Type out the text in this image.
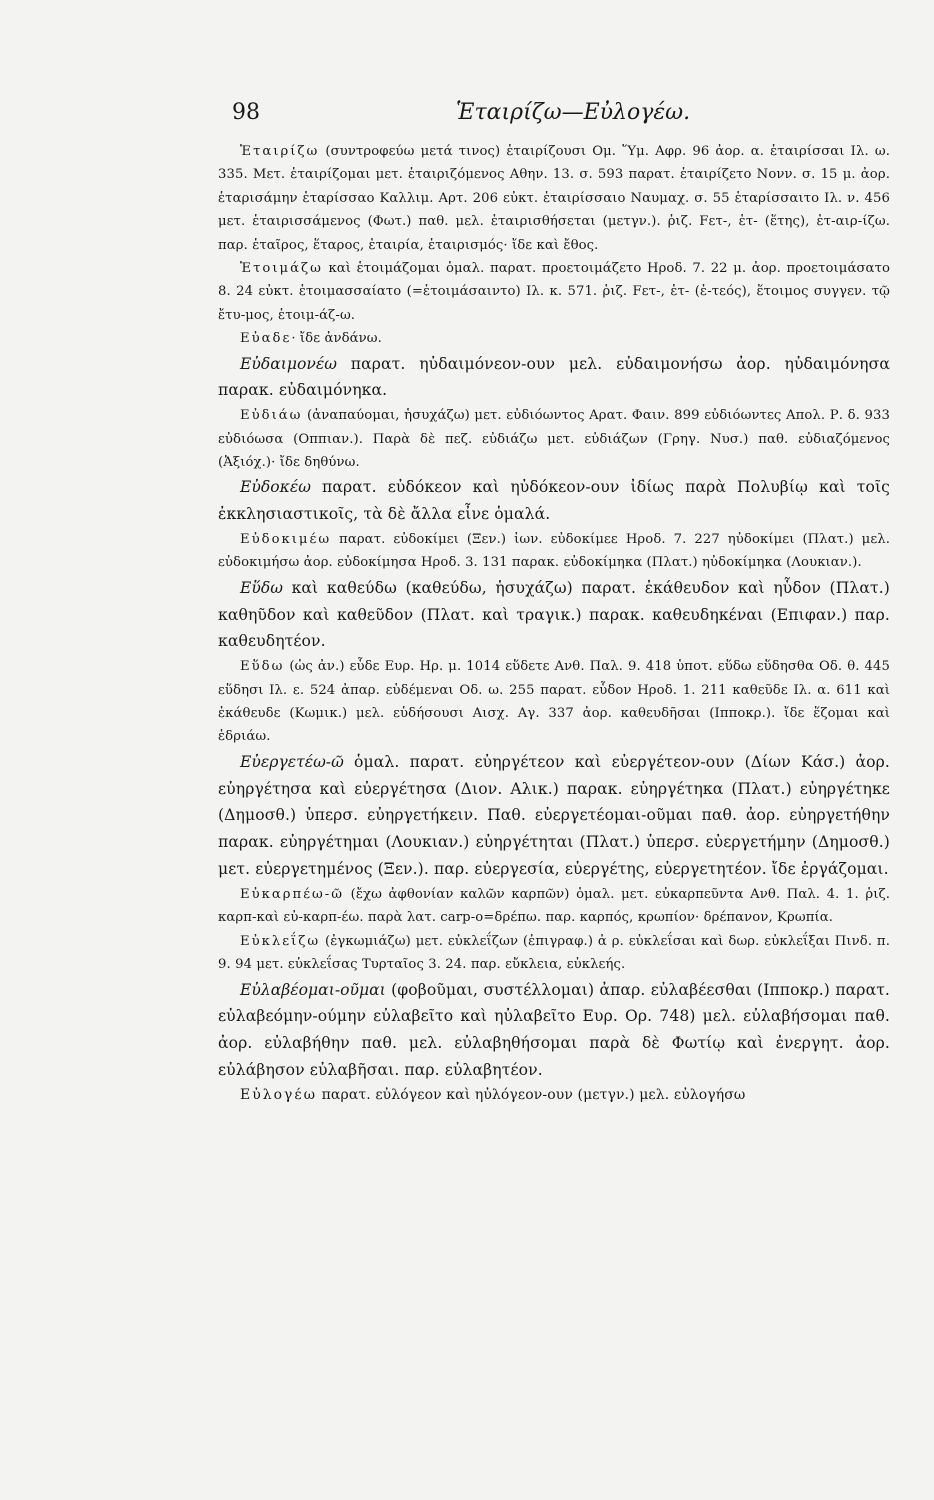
98	Ἑταιρίζω—Εὐλογέω.

Ἑταιρίζω (συντροφεύω μετά τινος) ἑταιρίζουσι Ομ. Ὕμ. Αφρ. 96 ἀορ. α. ἑταιρίσσαι Ιλ. ω. 335. Μετ. ἑταιρίζομαι μετ. ἑταιριζόμενος Αθην. 13. σ. 593 παρατ. ἑταιρίζετο Νονν. σ. 15 μ. ἀορ. ἑταρισάμην ἑταρίσσαο Καλλιμ. Αρτ. 206 εὐκτ. ἑταιρίσσαιο Ναυμαχ. σ. 55 ἑταρίσσαιτο Ιλ. ν. 456 μετ. ἑταιρισσάμενος (Φωτ.) παθ. μελ. ἑταιρισθήσεται (μετγν.). ῥιζ. Fετ-, ἑτ- (ἕτης), ἑτ-αιρ-ίζω. παρ. ἑταῖρος, ἕταρος, ἑταιρία, ἑταιρισμός· ἴδε καὶ ἔθος.

Ἑτοιμάζω καὶ ἑτοιμάζομαι ὁμαλ. παρατ. προετοιμάζετο Ηροδ. 7. 22 μ. ἀορ. προετοιμάσατο 8. 24 εὐκτ. ἑτοιμασσαίατο (=ἑτοιμάσαιντο) Ιλ. κ. 571. ῥιζ. Fετ-, ἑτ- (ἑ-τεός), ἕτοιμος συγγεν. τῷ ἔτυ-μος, ἑτοιμ-άζ-ω.

Εὐαδε· ἴδε ἀνδάνω.

Εὐδαιμονέω παρατ. ηὐδαιμόνεον-ουν μελ. εὐδαιμονήσω ἀορ. ηὐδαιμόνησα παρακ. εὐδαιμόνηκα.

Εὐδιάω (ἀναπαύομαι, ἡσυχάζω) μετ. εὐδιόωντος Αρατ. Φαιν. 899 εὐδιόωντες Απολ. Ρ. δ. 933 εὐδιόωσα (Οππιαν.). Παρὰ δὲ πεζ. εὐδιάζω μετ. εὐδιάζων (Γρηγ. Νυσ.) παθ. εὐδιαζόμενος (Ἀξιόχ.)· ἴδε δηθύνω.

Εὐδοκέω παρατ. εὐδόκεον καὶ ηὐδόκεον-ουν ἰδίως παρὰ Πολυβίῳ καὶ τοῖς ἐκκλησιαστικοῖς, τὰ δὲ ἄλλα εἶνε ὁμαλά.

Εὐδοκιμέω παρατ. εὐδοκίμει (Ξεν.) ἰων. εὐδοκίμεε Ηροδ. 7. 227 ηὐδοκίμει (Πλατ.) μελ. εὐδοκιμήσω ἀορ. εὐδοκίμησα Ηροδ. 3. 131 παρακ. εὐδοκίμηκα (Πλατ.) ηὐδοκίμηκα (Λουκιαν.).

Εὕδω καὶ καθεύδω (καθεύδω, ἡσυχάζω) παρατ. ἐκάθευδον καὶ ηὗδον (Πλατ.) καθηῦδον καὶ καθεῦδον (Πλατ. καὶ τραγικ.) παρακ. καθευδηκέναι (Επιφαν.) παρ. καθευδητέον.

Εὕδω (ὡς ἀν.) εὗδε Ευρ. Ηρ. μ. 1014 εὕδετε Ανθ. Παλ. 9. 418 ὑποτ. εὕδω εὕδησθα Οδ. θ. 445 εὕδησι Ιλ. ε. 524 ἀπαρ. εὑδέμεναι Οδ. ω. 255 παρατ. εὗδον Ηροδ. 1. 211 καθεῦδε Ιλ. α. 611 καὶ ἐκάθευδε (Κωμικ.) μελ. εὑδήσουσι Αισχ. Αγ. 337 ἀορ. καθευδῆσαι (Ιπποκρ.). ἴδε ἕζομαι καὶ ἑδριάω.

Εὐεργετέω-ῶ ὁμαλ. παρατ. εὐηργέτεον καὶ εὐεργέτεον-ουν (Δίων Κάσ.) ἀορ. εὐηργέτησα καὶ εὐεργέτησα (Διον. Αλικ.) παρακ. εὐηργέτηκα (Πλατ.) εὐηργέτηκε (Δημοσθ.) ὑπερσ. εὐηργετήκειν. Παθ. εὐεργετέομαι-οῦμαι παθ. ἀορ. εὐηργετήθην παρακ. εὐηργέτημαι (Λουκιαν.) εὐηργέτηται (Πλατ.) ὑπερσ. εὐεργετήμην (Δημοσθ.) μετ. εὐεργετημένος (Ξεν.). παρ. εὐεργεσία, εὐεργέτης, εὐεργετητέον. ἴδε ἐργάζομαι.

Εὐκαρπέω-ῶ (ἔχω ἀφθονίαν καλῶν καρπῶν) ὁμαλ. μετ. εὐκαρπεῦντα Ανθ. Παλ. 4. 1. ῥιζ. καρπ-καὶ εὐ-καρπ-έω. παρὰ λατ. carp-o=δρέπω. παρ. καρπός, κρωπίον· δρέπανον, Κρωπία.

Εὐκλεΐζω (ἐγκωμιάζω) μετ. εὐκλεΐζων (ἐπιγραφ.) ἀ ρ. εὐκλεΐσαι καὶ δωρ. εὐκλεΐξαι Πινδ. π. 9. 94 μετ. εὐκλεΐσας Τυρταῖος 3. 24. παρ. εὔκλεια, εὐκλεής.

Εὐλαβέομαι-οῦμαι (φοβοῦμαι, συστέλλομαι) ἀπαρ. εὐλαβέεσθαι (Ιπποκρ.) παρατ. εὐλαβεόμην-ούμην εὐλαβεῖτο καὶ ηὐλαβεῖτο Ευρ. Ορ. 748) μελ. εὐλαβήσομαι παθ. ἀορ. εὐλαβήθην παθ. μελ. εὐλαβηθήσομαι παρὰ δὲ Φωτίῳ καὶ ἐνεργητ. ἀορ. εὐλάβησον εὐλαβῆσαι. παρ. εὐλαβητέον.

Εὐλογέω παρατ. εὐλόγεον καὶ ηὐλόγεον-ουν (μετγν.) μελ. εὐλογήσω
